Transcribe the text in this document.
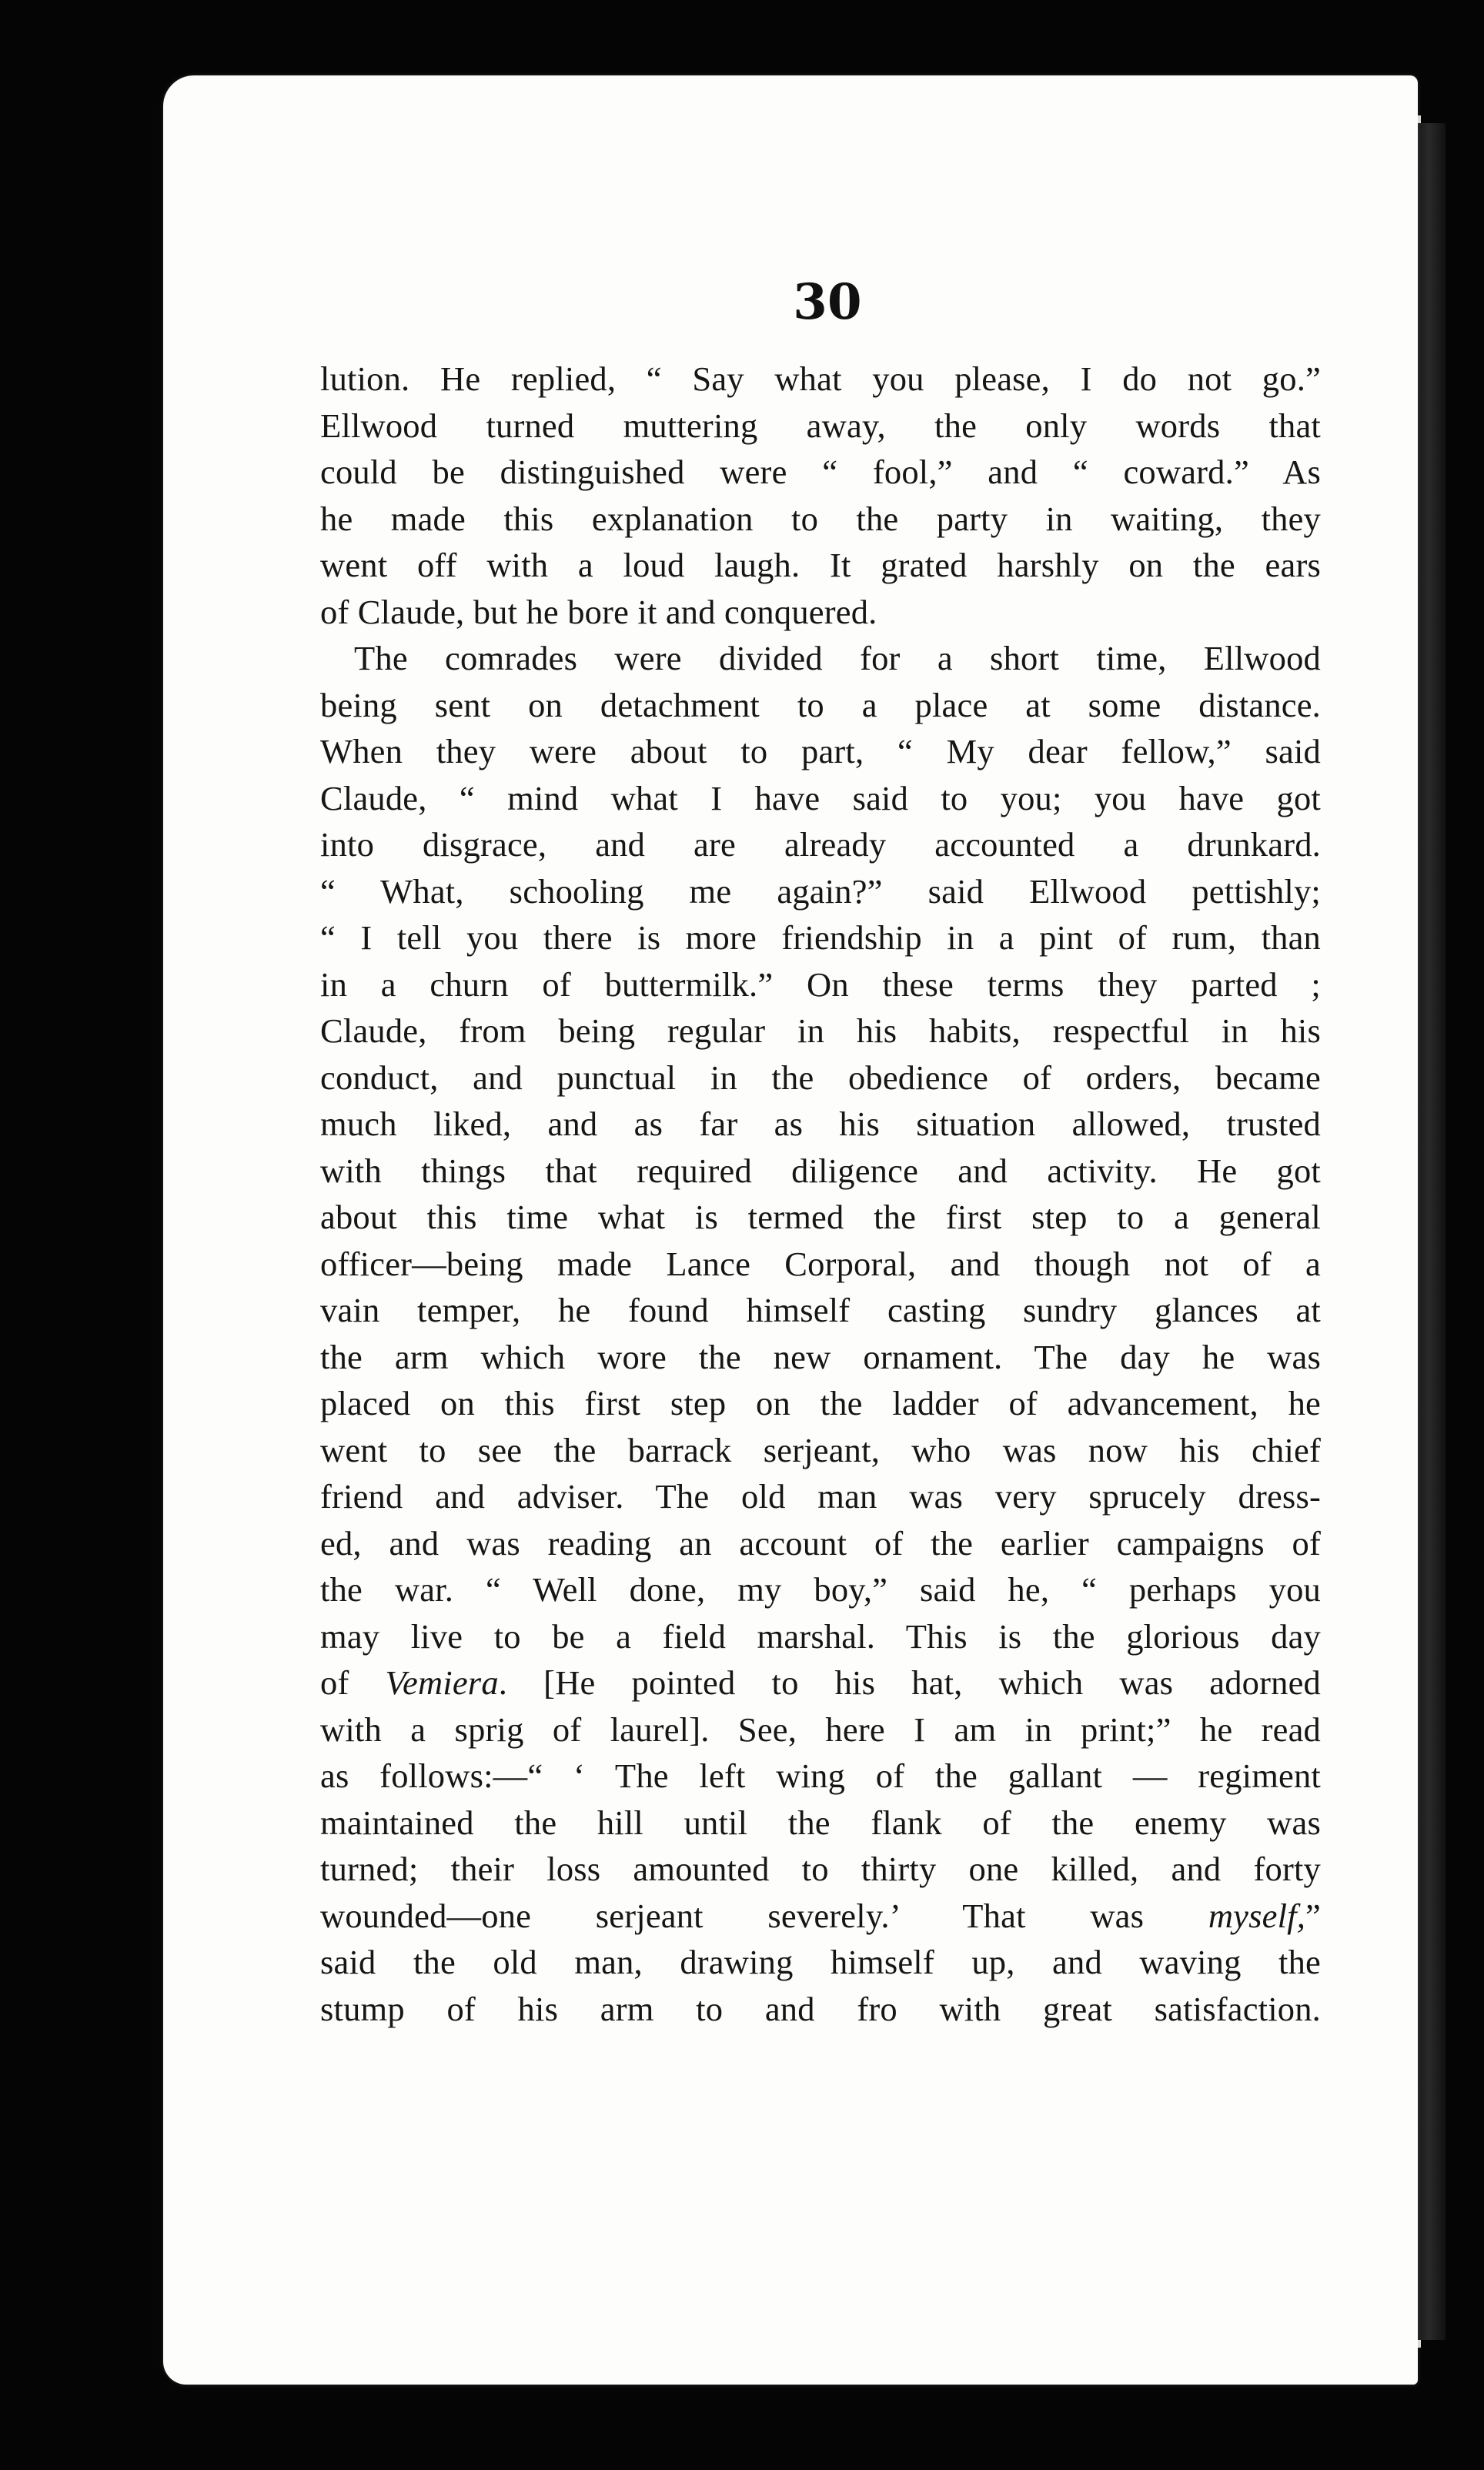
30
lution. He replied, “ Say what you please, I do not go.”
Ellwood turned muttering away, the only words that
could be distinguished were “ fool,” and “ coward.” As
he made this explanation to the party in waiting, they
went off with a loud laugh. It grated harshly on the ears
of Claude, but he bore it and conquered.
The comrades were divided for a short time, Ellwood
being sent on detachment to a place at some distance.
When they were about to part, “ My dear fellow,” said
Claude, “ mind what I have said to you; you have got
into disgrace, and are already accounted a drunkard.
“ What, schooling me again?” said Ellwood pettishly;
“ I tell you there is more friendship in a pint of rum, than
in a churn of buttermilk.” On these terms they parted ;
Claude, from being regular in his habits, respectful in his
conduct, and punctual in the obedience of orders, became
much liked, and as far as his situation allowed, trusted
with things that required diligence and activity. He got
about this time what is termed the first step to a general
officer—being made Lance Corporal, and though not of a
vain temper, he found himself casting sundry glances at
the arm which wore the new ornament. The day he was
placed on this first step on the ladder of advancement, he
went to see the barrack serjeant, who was now his chief
friend and adviser. The old man was very sprucely dress-
ed, and was reading an account of the earlier campaigns of
the war. “ Well done, my boy,” said he, “ perhaps you
may live to be a field marshal. This is the glorious day
of Vemiera. [He pointed to his hat, which was adorned
with a sprig of laurel]. See, here I am in print;” he read
as follows:—“ ‘ The left wing of the gallant — regiment
maintained the hill until the flank of the enemy was
turned; their loss amounted to thirty one killed, and forty
wounded—one serjeant severely.’ That was myself,”
said the old man, drawing himself up, and waving the
stump of his arm to and fro with great satisfaction.
